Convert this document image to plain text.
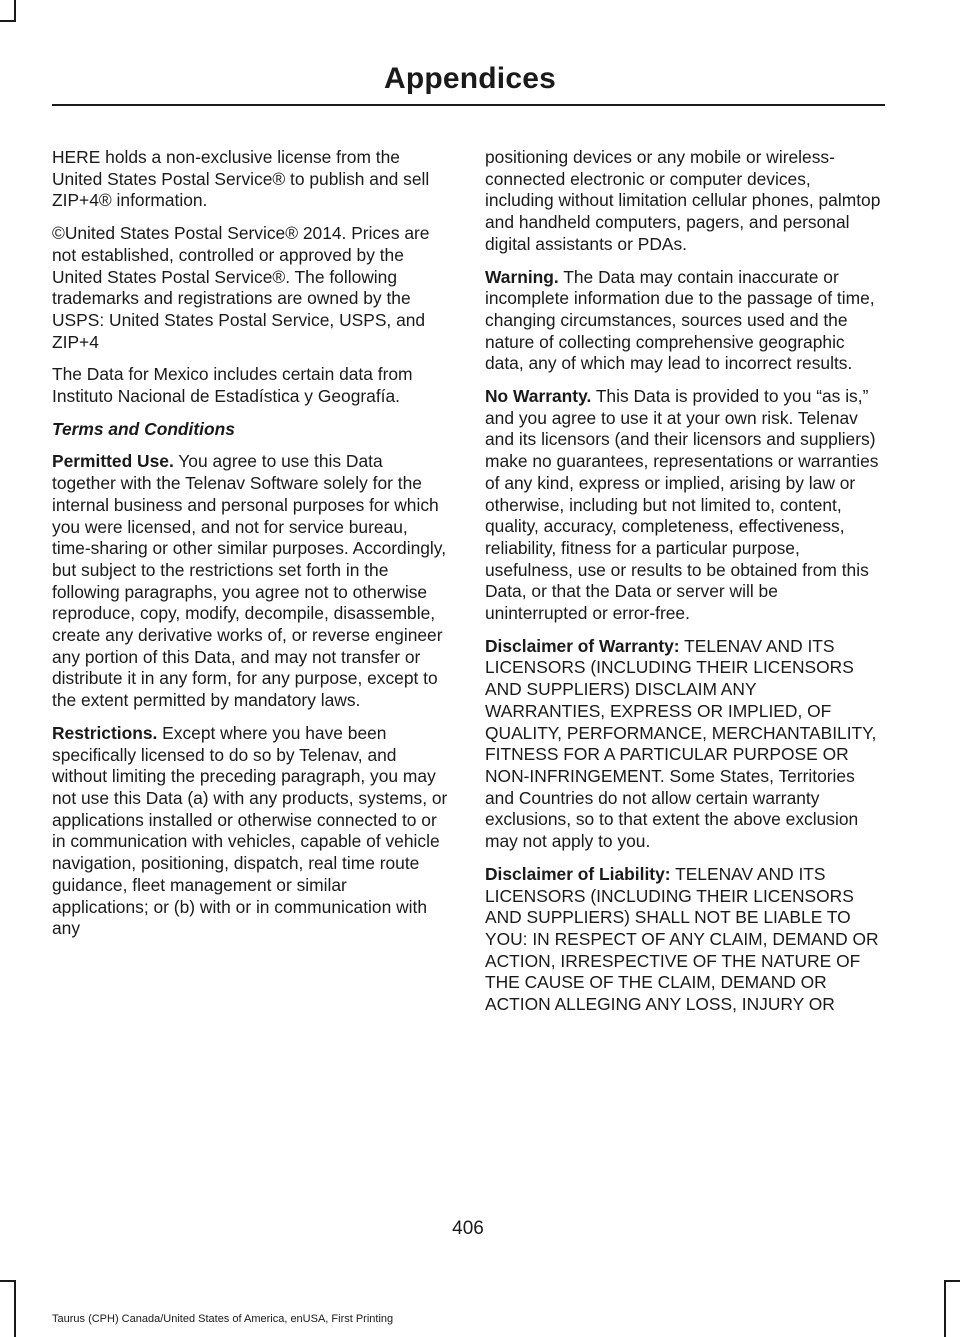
Appendices

HERE holds a non-exclusive license from the United States Postal Service® to publish and sell ZIP+4® information.

©United States Postal Service® 2014. Prices are not established, controlled or approved by the United States Postal Service®. The following trademarks and registrations are owned by the USPS: United States Postal Service, USPS, and ZIP+4

The Data for Mexico includes certain data from Instituto Nacional de Estadística y Geografía.

Terms and Conditions

Permitted Use. You agree to use this Data together with the Telenav Software solely for the internal business and personal purposes for which you were licensed, and not for service bureau, time-sharing or other similar purposes. Accordingly, but subject to the restrictions set forth in the following paragraphs, you agree not to otherwise reproduce, copy, modify, decompile, disassemble, create any derivative works of, or reverse engineer any portion of this Data, and may not transfer or distribute it in any form, for any purpose, except to the extent permitted by mandatory laws.

Restrictions. Except where you have been specifically licensed to do so by Telenav, and without limiting the preceding paragraph, you may not use this Data (a) with any products, systems, or applications installed or otherwise connected to or in communication with vehicles, capable of vehicle navigation, positioning, dispatch, real time route guidance, fleet management or similar applications; or (b) with or in communication with any

positioning devices or any mobile or wireless-connected electronic or computer devices, including without limitation cellular phones, palmtop and handheld computers, pagers, and personal digital assistants or PDAs.

Warning. The Data may contain inaccurate or incomplete information due to the passage of time, changing circumstances, sources used and the nature of collecting comprehensive geographic data, any of which may lead to incorrect results.

No Warranty. This Data is provided to you “as is,” and you agree to use it at your own risk. Telenav and its licensors (and their licensors and suppliers) make no guarantees, representations or warranties of any kind, express or implied, arising by law or otherwise, including but not limited to, content, quality, accuracy, completeness, effectiveness, reliability, fitness for a particular purpose, usefulness, use or results to be obtained from this Data, or that the Data or server will be uninterrupted or error-free.

Disclaimer of Warranty: TELENAV AND ITS LICENSORS (INCLUDING THEIR LICENSORS AND SUPPLIERS) DISCLAIM ANY WARRANTIES, EXPRESS OR IMPLIED, OF QUALITY, PERFORMANCE, MERCHANTABILITY, FITNESS FOR A PARTICULAR PURPOSE OR NON-INFRINGEMENT. Some States, Territories and Countries do not allow certain warranty exclusions, so to that extent the above exclusion may not apply to you.

Disclaimer of Liability: TELENAV AND ITS LICENSORS (INCLUDING THEIR LICENSORS AND SUPPLIERS) SHALL NOT BE LIABLE TO YOU: IN RESPECT OF ANY CLAIM, DEMAND OR ACTION, IRRESPECTIVE OF THE NATURE OF THE CAUSE OF THE CLAIM, DEMAND OR ACTION ALLEGING ANY LOSS, INJURY OR

406
Taurus (CPH) Canada/United States of America, enUSA, First Printing
